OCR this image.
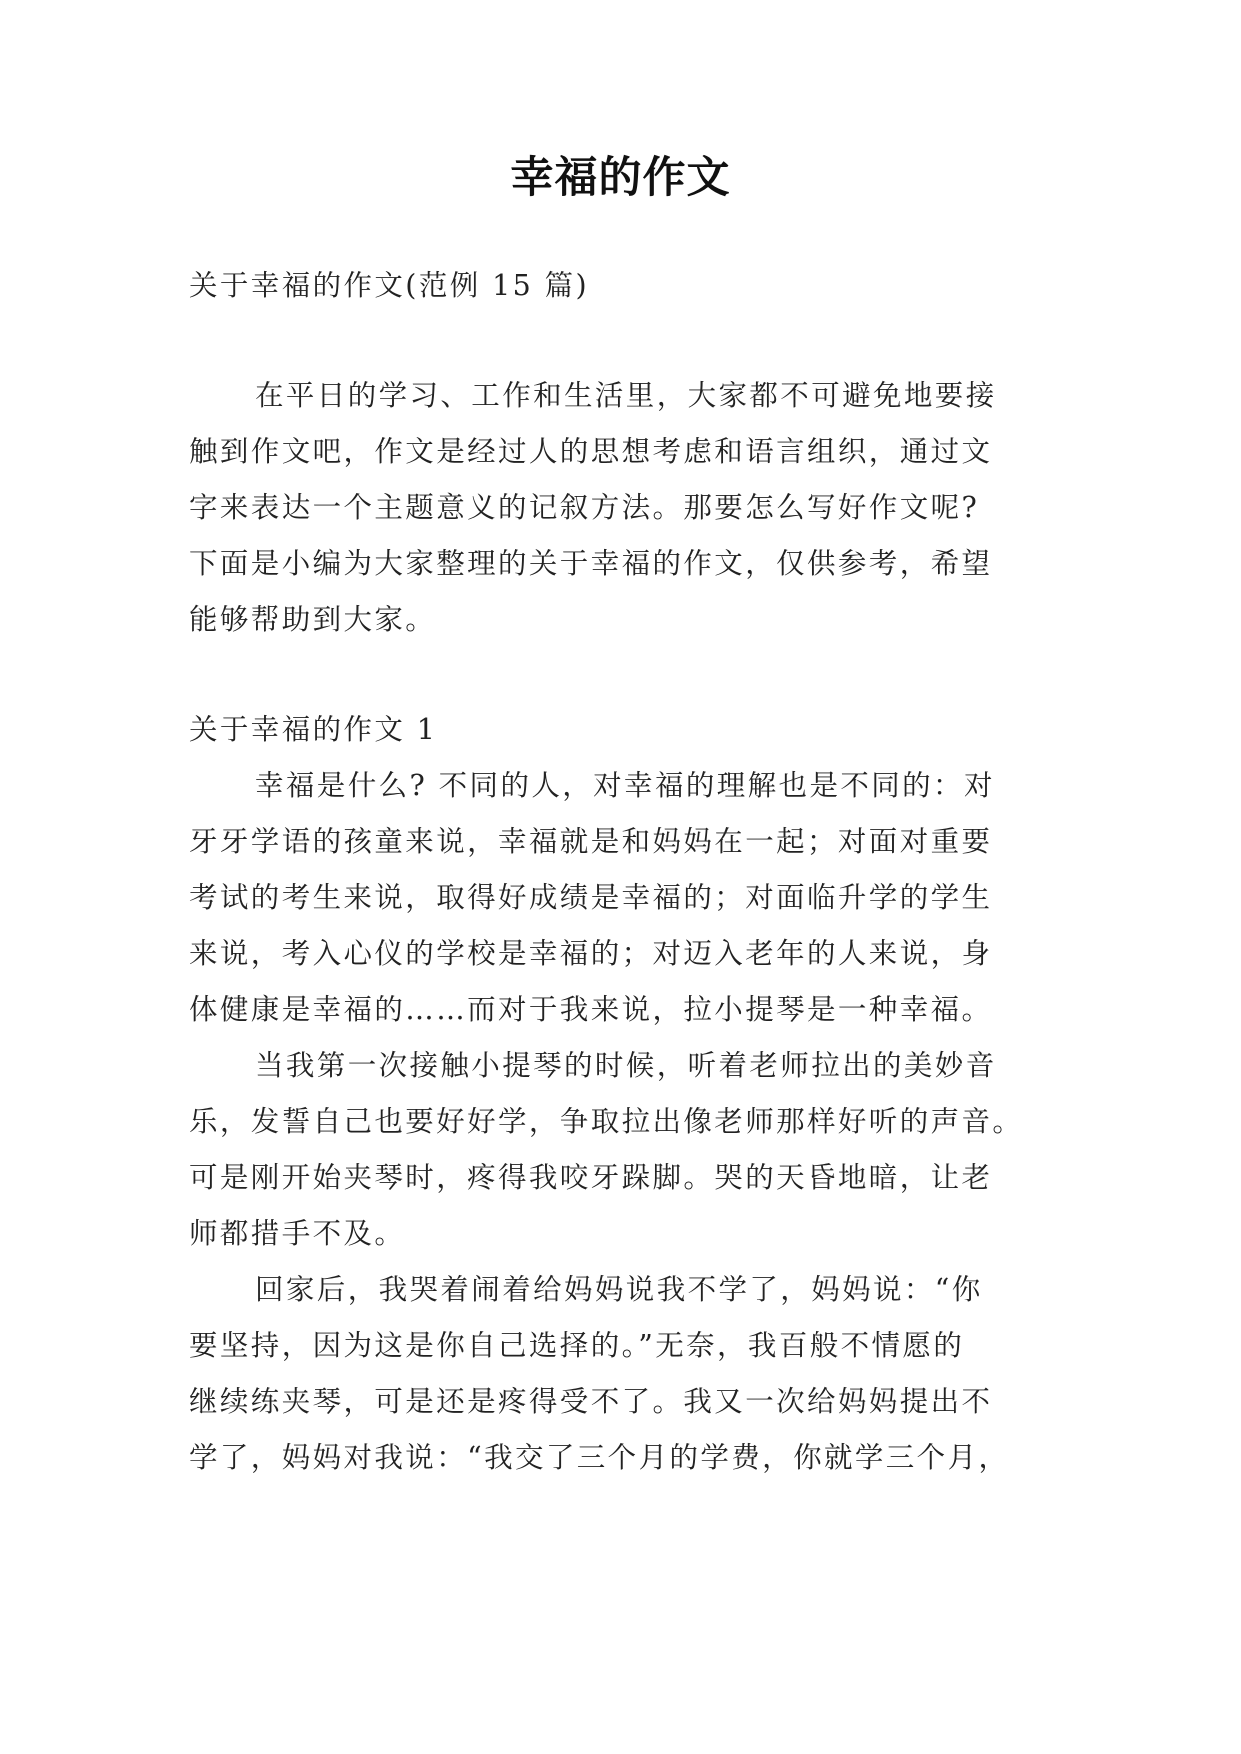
幸福的作文
关于幸福的作文(范例 15 篇)
在平日的学习、工作和生活里，大家都不可避免地要接
触到作文吧，作文是经过人的思想考虑和语言组织，通过文
字来表达一个主题意义的记叙方法。那要怎么写好作文呢?
下面是小编为大家整理的关于幸福的作文，仅供参考，希望
能够帮助到大家。
关于幸福的作文 1
幸福是什么? 不同的人，对幸福的理解也是不同的：对
牙牙学语的孩童来说，幸福就是和妈妈在一起；对面对重要
考试的考生来说，取得好成绩是幸福的；对面临升学的学生
来说，考入心仪的学校是幸福的；对迈入老年的人来说，身
体健康是幸福的……而对于我来说，拉小提琴是一种幸福。
当我第一次接触小提琴的时候，听着老师拉出的美妙音
乐，发誓自己也要好好学，争取拉出像老师那样好听的声音。
可是刚开始夹琴时，疼得我咬牙跺脚。哭的天昏地暗，让老
师都措手不及。
回家后，我哭着闹着给妈妈说我不学了，妈妈说：“你
要坚持，因为这是你自己选择的。”无奈，我百般不情愿的
继续练夹琴，可是还是疼得受不了。我又一次给妈妈提出不
学了，妈妈对我说：“我交了三个月的学费，你就学三个月，
